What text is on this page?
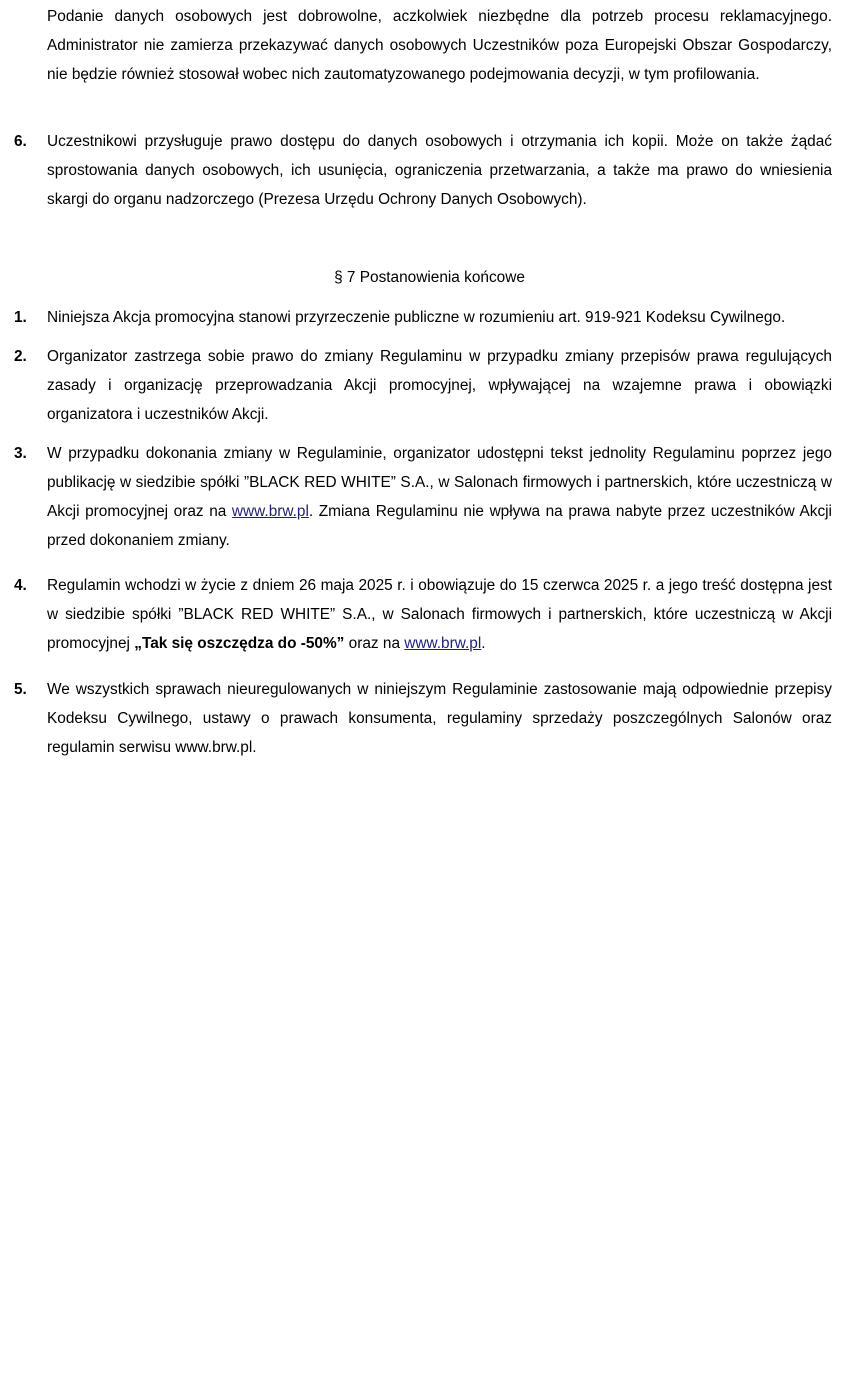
Podanie danych osobowych jest dobrowolne, aczkolwiek niezbędne dla potrzeb procesu reklamacyjnego. Administrator nie zamierza przekazywać danych osobowych Uczestników poza Europejski Obszar Gospodarczy, nie będzie również stosował wobec nich zautomatyzowanego podejmowania decyzji, w tym profilowania.
6. Uczestnikowi przysługuje prawo dostępu do danych osobowych i otrzymania ich kopii. Może on także żądać sprostowania danych osobowych, ich usunięcia, ograniczenia przetwarzania, a także ma prawo do wniesienia skargi do organu nadzorczego (Prezesa Urzędu Ochrony Danych Osobowych).
§ 7 Postanowienia końcowe
1. Niniejsza Akcja promocyjna stanowi przyrzeczenie publiczne w rozumieniu art. 919-921 Kodeksu Cywilnego.
2. Organizator zastrzega sobie prawo do zmiany Regulaminu w przypadku zmiany przepisów prawa regulujących zasady i organizację przeprowadzania Akcji promocyjnej, wpływającej na wzajemne prawa i obowiązki organizatora i uczestników Akcji.
3. W przypadku dokonania zmiany w Regulaminie, organizator udostępni tekst jednolity Regulaminu poprzez jego publikację w siedzibie spółki ”BLACK RED WHITE” S.A., w Salonach firmowych i partnerskich, które uczestniczą w Akcji promocyjnej oraz na www.brw.pl. Zmiana Regulaminu nie wpływa na prawa nabyte przez uczestników Akcji przed dokonaniem zmiany.
4. Regulamin wchodzi w życie z dniem 26 maja 2025 r. i obowiązuje do 15 czerwca 2025 r. a jego treść dostępna jest w siedzibie spółki ”BLACK RED WHITE” S.A., w Salonach firmowych i partnerskich, które uczestniczą w Akcji promocyjnej „Tak się oszczędza do -50%” oraz na www.brw.pl.
5. We wszystkich sprawach nieuregulowanych w niniejszym Regulaminie zastosowanie mają odpowiednie przepisy Kodeksu Cywilnego, ustawy o prawach konsumenta, regulaminy sprzedaży poszczególnych Salonów oraz regulamin serwisu www.brw.pl.
